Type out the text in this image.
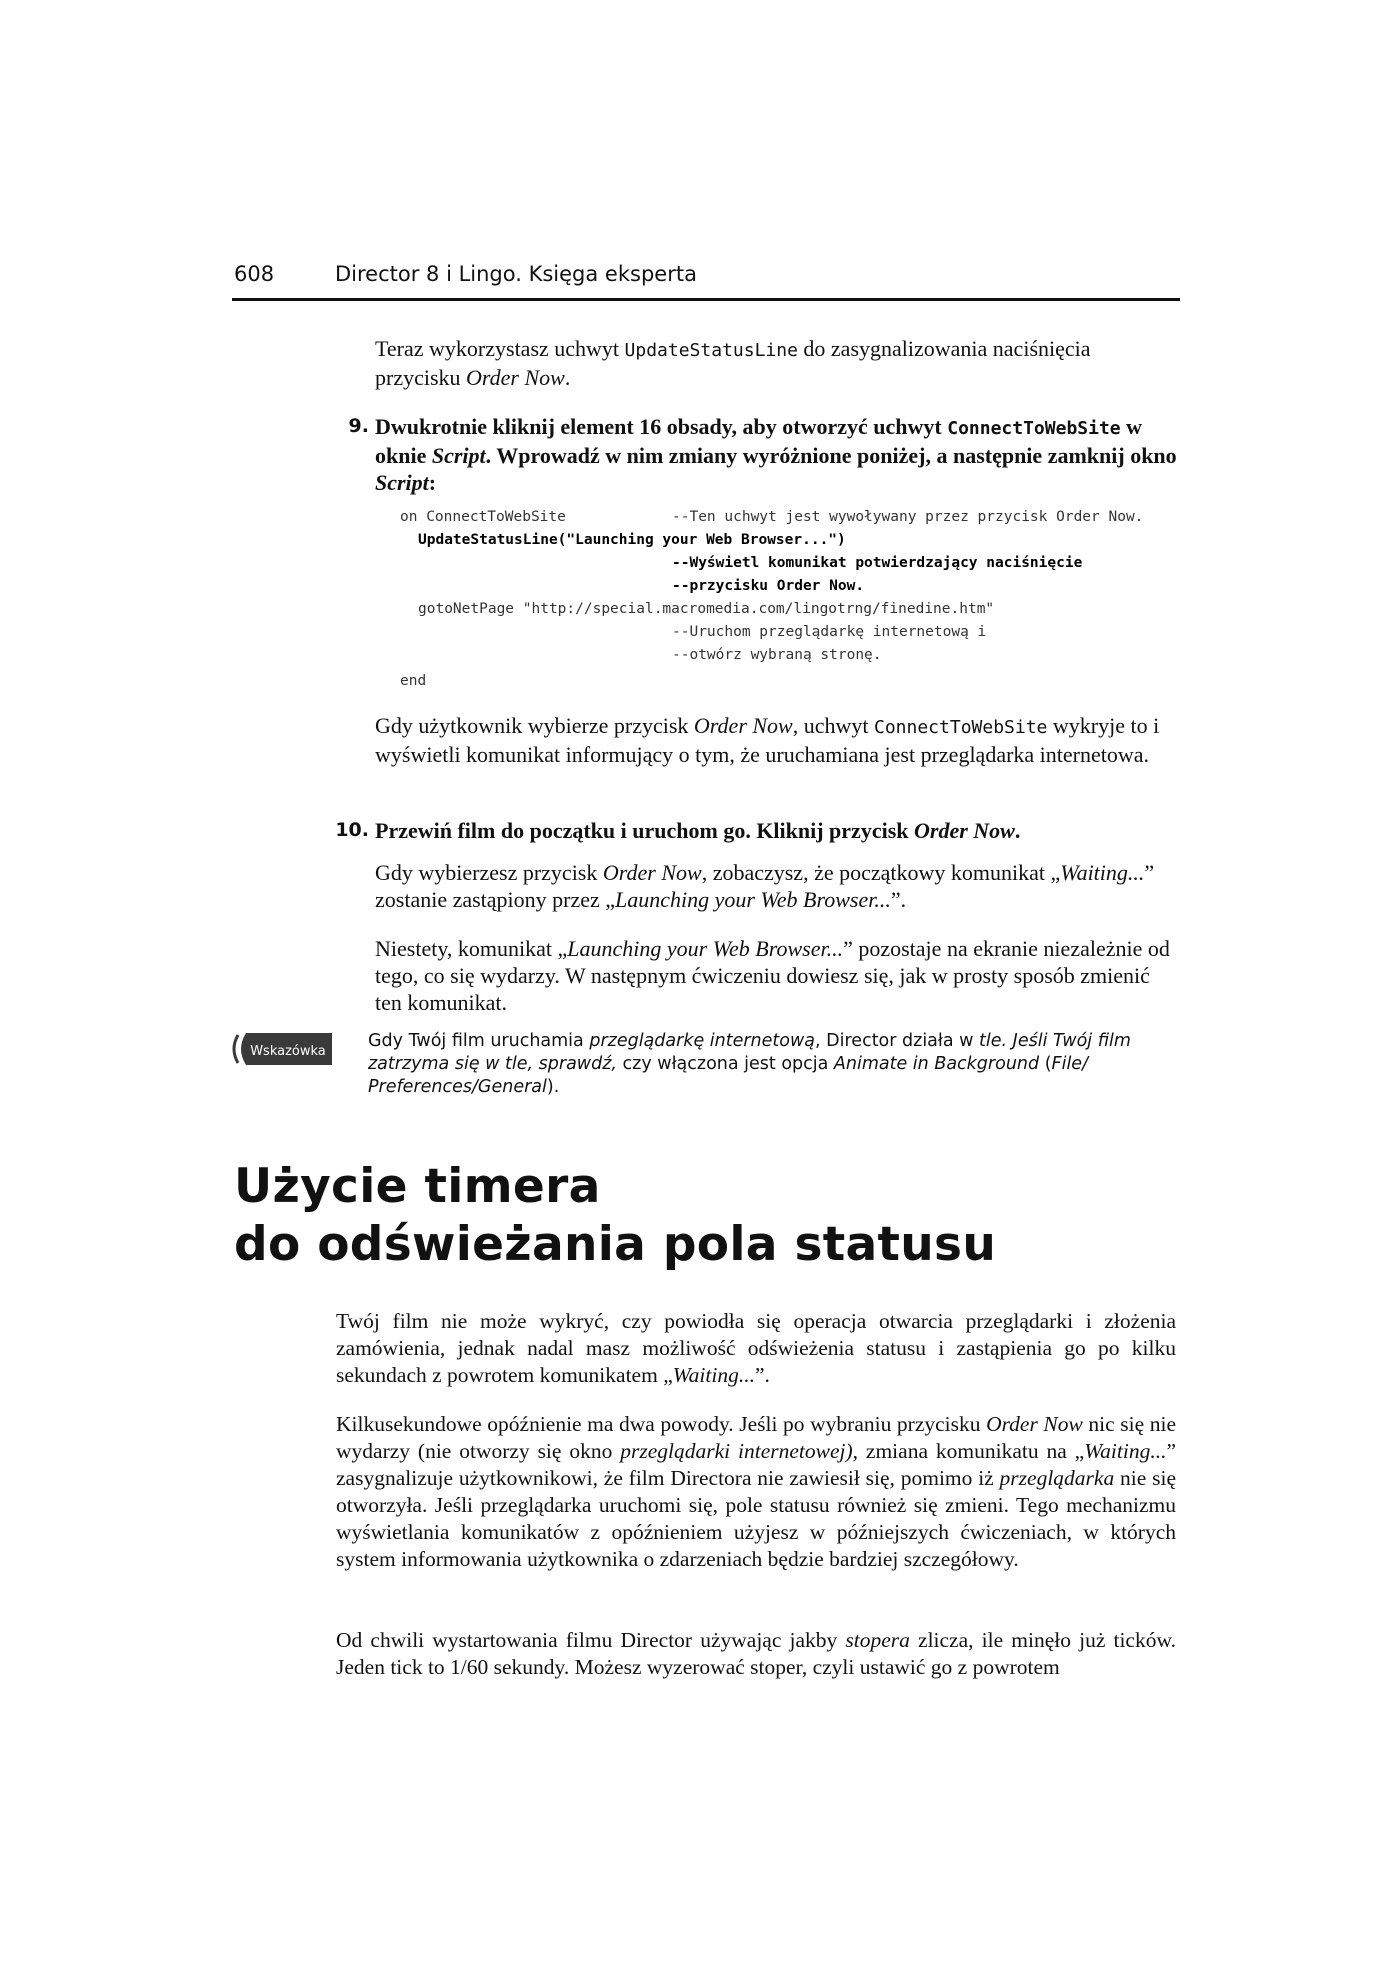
608	Director 8 i Lingo. Księga eksperta

Teraz wykorzystasz uchwyt UpdateStatusLine do zasygnalizowania naciśnięcia przycisku Order Now.

9. Dwukrotnie kliknij element 16 obsady, aby otworzyć uchwyt ConnectToWebSite w oknie Script. Wprowadź w nim zmiany wyróżnione poniżej, a następnie zamknij okno Script:

on ConnectToWebSite	--Ten uchwyt jest wywoływany przez przycisk Order Now.
UpdateStatusLine("Launching your Web Browser...")
--Wyświetl komunikat potwierdzający naciśnięcie
--przycisku Order Now.
gotoNetPage "http://special.macromedia.com/lingotrng/finedine.htm"
--Uruchom przeglądarkę internetową i
--otwórz wybraną stronę.
end

Gdy użytkownik wybierze przycisk Order Now, uchwyt ConnectToWebSite wykryje to i wyświetli komunikat informujący o tym, że uruchamiana jest przeglądarka internetowa.

10. Przewiń film do początku i uruchom go. Kliknij przycisk Order Now.

Gdy wybierzesz przycisk Order Now, zobaczysz, że początkowy komunikat „Waiting...” zostanie zastąpiony przez „Launching your Web Browser...”.

Niestety, komunikat „Launching your Web Browser...” pozostaje na ekranie niezależnie od tego, co się wydarzy. W następnym ćwiczeniu dowiesz się, jak w prosty sposób zmienić ten komunikat.

Wskazówka

Gdy Twój film uruchamia przeglądarkę internetową, Director działa w tle. Jeśli Twój film zatrzyma się w tle, sprawdź, czy włączona jest opcja Animate in Background (File/ Preferences/General).

Użycie timera
do odświeżania pola statusu

Twój film nie może wykryć, czy powiodła się operacja otwarcia przeglądarki i złożenia zamówienia, jednak nadal masz możliwość odświeżenia statusu i zastąpienia go po kilku sekundach z powrotem komunikatem „Waiting...”.

Kilkusekundowe opóźnienie ma dwa powody. Jeśli po wybraniu przycisku Order Now nic się nie wydarzy (nie otworzy się okno przeglądarki internetowej), zmiana komunikatu na „Waiting...” zasygnalizuje użytkownikowi, że film Directora nie zawiesił się, pomimo iż przeglądarka nie się otworzyła. Jeśli przeglądarka uruchomi się, pole statusu również się zmieni. Tego mechanizmu wyświetlania komunikatów z opóźnieniem użyjesz w późniejszych ćwiczeniach, w których system informowania użytkownika o zdarzeniach będzie bardziej szczegółowy.

Od chwili wystartowania filmu Director używając jakby stopera zlicza, ile minęło już ticków. Jeden tick to 1/60 sekundy. Możesz wyzerować stoper, czyli ustawić go z powrotem
